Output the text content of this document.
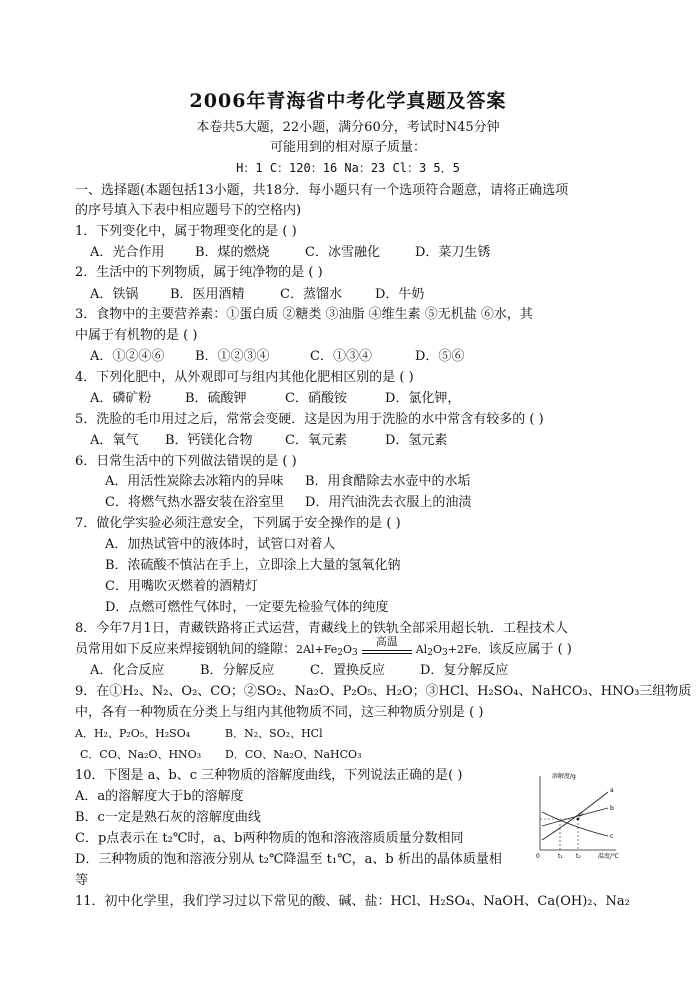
2006年青海省中考化学真题及答案
本卷共5大题，22小题，满分60分，考试时N45分钟
可能用到的相对原子质量：
H：1 C：120：16 Na：23 Cl：3 5．5
一、选择题(本题包括13小题，共18分．每小题只有一个选项符合题意，请将正确选项
的序号填入下表中相应题号下的空格内)
1．下列变化中，属于物理变化的是 ( )
A．光合作用 B．煤的燃烧	C．冰雪融化	D．菜刀生锈
2．生活中的下列物质，属于纯净物的是 ( )
A．铁锅 B．医用酒精	C．蒸馏水	D．牛奶
3．食物中的主要营养素：①蛋白质 ②糖类 ③油脂 ④维生素 ⑤无机盐 ⑥水，其
中属于有机物的是 ( )
A．①②④⑥ B．①②③④	C．①③④	D．⑤⑥
4．下列化肥中，从外观即可与组内其他化肥相区别的是 ( )
A．磷矿粉	B．硫酸钾	C．硝酸铵	D．氯化钾，
5．洗脸的毛巾用过之后，常常会变硬．这是因为用于洗脸的水中常含有较多的 ( )
A．氧气 B．钙镁化合物 C．氧元素	D．氢元素
6．日常生活中的下列做法错误的是 ( )
A．用活性炭除去冰箱内的异味 B．用食醋除去水壶中的水垢
C．将燃气热水器安装在浴室里 D．用汽油洗去衣服上的油渍
7．做化学实验必须注意安全，下列属于安全操作的是 ( )
A．加热试管中的液体时，试管口对着人
B．浓硫酸不慎沾在手上，立即涂上大量的氢氧化钠
C．用嘴吹灭燃着的酒精灯
D．点燃可燃性气体时，一定要先检验气体的纯度
8．今年7月1日，青藏铁路将正式运营，青藏线上的铁轨全部采用超长轨．工程技术人
员常用如下反应来焊接钢轨间的缝隙：$2Al+Fe_2O_3$
高温
$Al_2O_3+2Fe$．该反应属于 ( )
A．化合反应	B．分解反应	C．置换反应	D．复分解反应
9．在①H₂、N₂、O₂、CO；②SO₂、Na₂O、P₂O₅、H₂O；③HCl、H₂SO₄、NaHCO₃、HNO₃三组物质
中，各有一种物质在分类上与组内其他物质不同，这三种物质分别是 ( )
A．H₂、P₂O₅、H₂SO₄	B．N₂、SO₂、HCl
C．CO、Na₂O、HNO₃ D．CO、Na₂O、NaHCO₃
10．下图是 a、b、c 三种物质的溶解度曲线，下列说法正确的是( )
A．a的溶解度大于b的溶解度
B．c一定是熟石灰的溶解度曲线
C．p点表示在 t₂℃时，a、b两种物质的饱和溶液溶质质量分数相同
D．三种物质的饱和溶液分别从 t₂℃降温至 t₁℃，a、b 析出的晶体质量相
等
溶解度/g
温度/℃
0	t₁ t₂
a
b
c
p
11．初中化学里，我们学习过以下常见的酸、碱、盐：HCl、H₂SO₄、NaOH、Ca(OH)₂、Na₂
